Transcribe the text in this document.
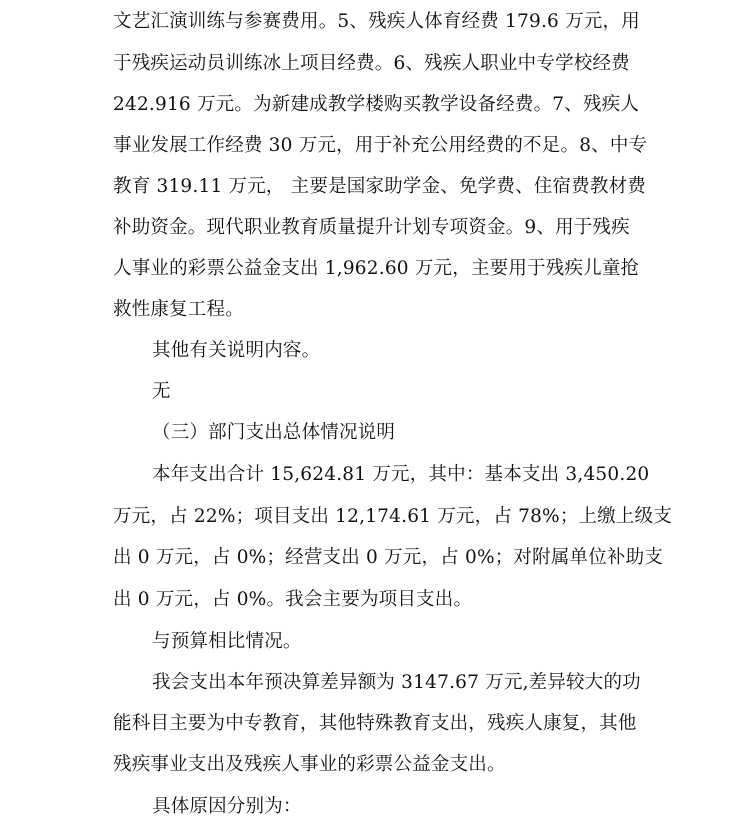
文艺汇演训练与参赛费用。5、残疾人体育经费 179.6 万元，用
于残疾运动员训练冰上项目经费。6、残疾人职业中专学校经费
242.916 万元。为新建成教学楼购买教学设备经费。7、残疾人
事业发展工作经费 30 万元，用于补充公用经费的不足。8、中专
教育 319.11 万元， 主要是国家助学金、免学费、住宿费教材费
补助资金。现代职业教育质量提升计划专项资金。9、用于残疾
人事业的彩票公益金支出 1,962.60 万元，主要用于残疾儿童抢
救性康复工程。
其他有关说明内容。
无
（三）部门支出总体情况说明
本年支出合计 15,624.81 万元，其中：基本支出 3,450.20
万元，占 22%；项目支出 12,174.61 万元，占 78%；上缴上级支
出 0 万元，占 0%；经营支出 0 万元，占 0%；对附属单位补助支
出 0 万元，占 0%。我会主要为项目支出。
与预算相比情况。
我会支出本年预决算差异额为 3147.67 万元,差异较大的功
能科目主要为中专教育，其他特殊教育支出，残疾人康复，其他
残疾事业支出及残疾人事业的彩票公益金支出。
具体原因分别为：
